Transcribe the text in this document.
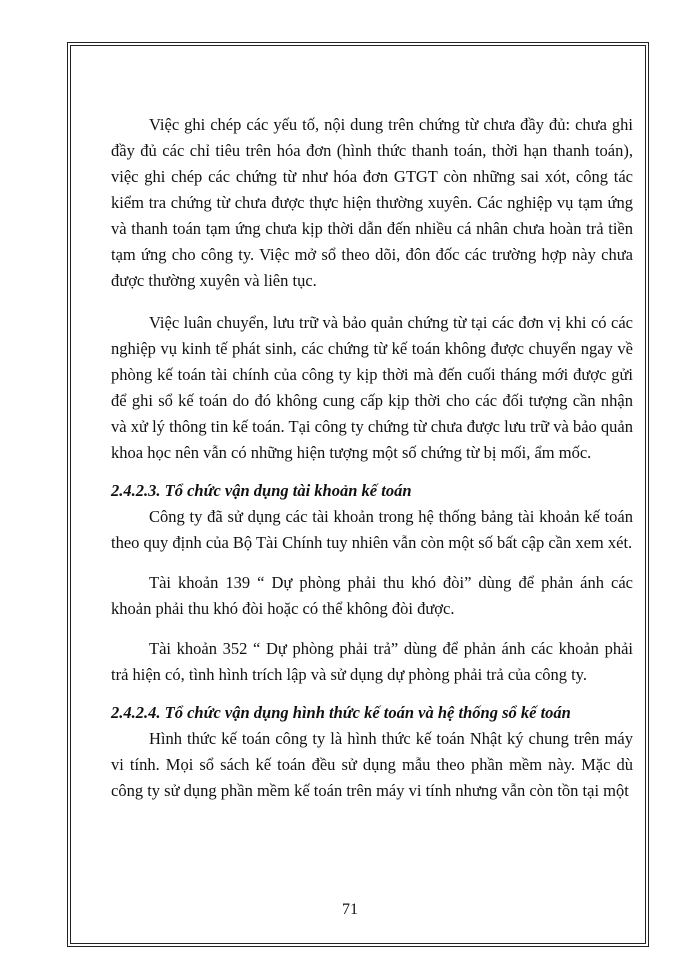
Việc ghi chép các yếu tố, nội dung trên chứng từ chưa đầy đủ: chưa ghi đầy đủ các chỉ tiêu trên hóa đơn (hình thức thanh toán, thời hạn thanh toán), việc ghi chép các chứng từ như hóa đơn GTGT còn những sai xót, công tác kiểm tra chứng từ chưa được thực hiện thường xuyên. Các nghiệp vụ tạm ứng và thanh toán tạm ứng chưa kịp thời dẫn đến nhiều cá nhân chưa hoàn trả tiền tạm ứng cho công ty. Việc mở sổ theo dõi, đôn đốc các trường hợp này chưa được thường xuyên và liên tục.

Việc luân chuyển, lưu trữ và bảo quản chứng từ tại các đơn vị khi có các nghiệp vụ kinh tế phát sinh, các chứng từ kế toán không được chuyển ngay về phòng kế toán tài chính của công ty kịp thời mà đến cuối tháng mới được gửi để ghi sổ kế toán do đó không cung cấp kịp thời cho các đối tượng cần nhận và xử lý thông tin kế toán. Tại công ty chứng từ chưa được lưu trữ và bảo quản khoa học nên vẫn có những hiện tượng một số chứng từ bị mối, ẩm mốc.

2.4.2.3. Tổ chức vận dụng tài khoản kế toán

Công ty đã sử dụng các tài khoản trong hệ thống bảng tài khoản kế toán theo quy định của Bộ Tài Chính tuy nhiên vẫn còn một số bất cập cần xem xét.

Tài khoản 139 “ Dự phòng phải thu khó đòi” dùng để phản ánh các khoản phải thu khó đòi hoặc có thể không đòi được.

Tài khoản 352 “ Dự phòng phải trả” dùng để phản ánh các khoản phải trả hiện có, tình hình trích lập và sử dụng dự phòng phải trả của công ty.

2.4.2.4. Tổ chức vận dụng hình thức kế toán và hệ thống sổ kế toán

Hình thức kế toán công ty là hình thức kế toán Nhật ký chung trên máy vi tính. Mọi sổ sách kế toán đều sử dụng mẫu theo phần mềm này. Mặc dù công ty sử dụng phần mềm kế toán trên máy vi tính nhưng vẫn còn tồn tại một

71
